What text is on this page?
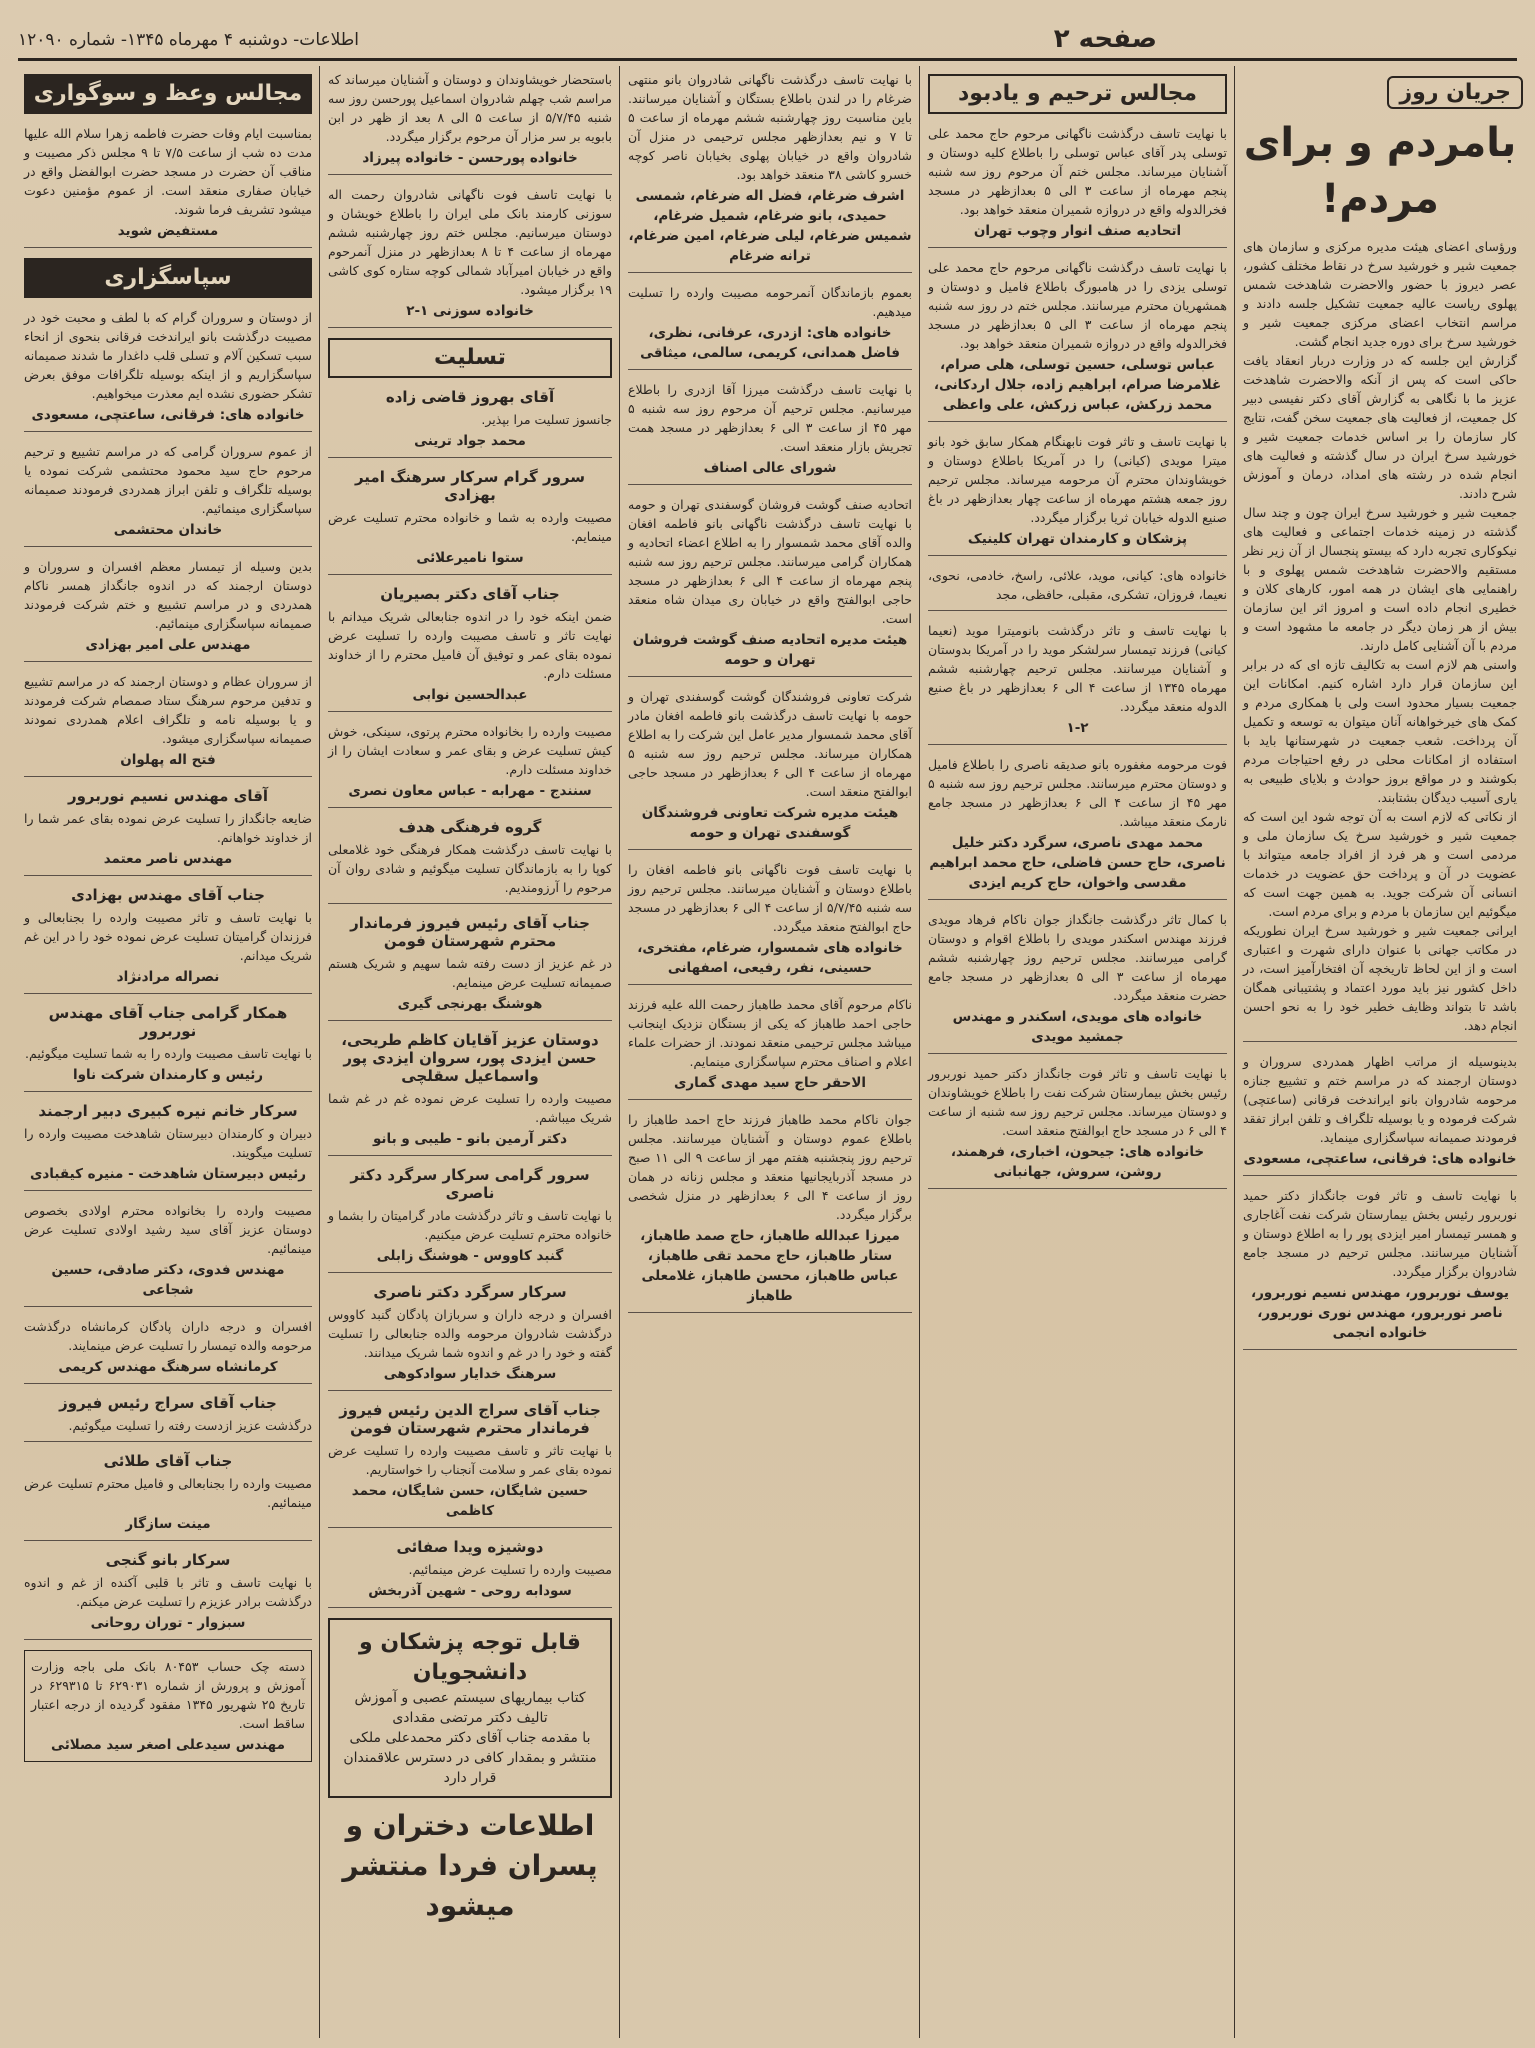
صفحه ۲
اطلاعات- دوشنبه ۴ مهرماه ۱۳۴۵- شماره ۱۲۰۹۰
جریان روز
بامردم و برای مردم!

ورؤسای اعضای هیئت مدیره مرکزی و سازمان های جمعیت شیر و خورشید سرخ در نقاط مختلف کشور، عصر دیروز با حضور والاحضرت شاهدخت شمس پهلوی ریاست عالیه جمعیت تشکیل جلسه دادند و مراسم انتخاب اعضای مرکزی جمعیت شیر و خورشید سرخ برای دوره جدید انجام گشت.

گزارش این جلسه که در وزارت دربار انعقاد یافت حاکی است که پس از آنکه والاحضرت شاهدخت عزیز ما با نگاهی به گزارش آقای دکتر نفیسی دبیر کل جمعیت، از فعالیت های جمعیت سخن گفت، نتایج کار سازمان را بر اساس خدمات جمعیت شیر و خورشید سرخ ایران در سال گذشته و فعالیت های انجام شده در رشته های امداد، درمان و آموزش شرح دادند.

جمعیت شیر و خورشید سرخ ایران چون و چند سال گذشته در زمینه خدمات اجتماعی و فعالیت های نیکوکاری تجربه دارد که بیستو پنجسال از آن زیر نظر مستقیم والاحضرت شاهدخت شمس پهلوی و با راهنمایی های ایشان در همه امور، کارهای کلان و خطیری انجام داده است و امروز اثر این سازمان بیش از هر زمان دیگر در جامعه ما مشهود است و مردم با آن آشنایی کامل دارند.

واسنی هم لازم است به تکالیف تازه ای که در برابر این سازمان قرار دارد اشاره کنیم. امکانات این جمعیت بسیار محدود است ولی با همکاری مردم و کمک های خیرخواهانه آنان میتوان به توسعه و تکمیل آن پرداخت. شعب جمعیت در شهرستانها باید با استفاده از امکانات محلی در رفع احتیاجات مردم بکوشند و در مواقع بروز حوادث و بلایای طبیعی به یاری آسیب دیدگان بشتابند.

از نکاتی که لازم است به آن توجه شود این است که جمعیت شیر و خورشید سرخ یک سازمان ملی و مردمی است و هر فرد از افراد جامعه میتواند با عضویت در آن و پرداخت حق عضویت در خدمات انسانی آن شرکت جوید. به همین جهت است که میگوئیم این سازمان با مردم و برای مردم است.

ایرانی جمعیت شیر و خورشید سرخ ایران نطوریکه در مکاتب جهانی با عنوان دارای شهرت و اعتباری است و از این لحاظ تاریخچه آن افتخارآمیز است، در داخل کشور نیز باید مورد اعتماد و پشتیبانی همگان باشد تا بتواند وظایف خطیر خود را به نحو احسن انجام دهد.

بدینوسیله از مراتب اظهار همدردی سروران و دوستان ارجمند که در مراسم ختم و تشییع جنازه مرحومه شادروان بانو ایراندخت فرقانی (ساعتچی) شرکت فرموده و یا بوسیله تلگراف و تلفن ابراز تفقد فرمودند صمیمانه سپاسگزاری مینماید.

خانواده های: فرقانی، ساعتچی، مسعودی

با نهایت تاسف و تاثر فوت جانگداز دکتر حمید نوربرور رئیس بخش بیمارستان شرکت نفت آغاجاری و همسر تیمسار امیر ایزدی پور را به اطلاع دوستان و آشنایان میرسانند. مجلس ترحیم در مسجد جامع شادروان برگزار میگردد.

یوسف نوربرور، مهندس نسیم نوربرور، ناصر نوربرور، مهندس نوری نوربرور، خانواده انجمی
مجالس ترحیم و یادبود

با نهایت تاسف درگذشت ناگهانی مرحوم حاج محمد علی توسلی پدر آقای عباس توسلی را باطلاع کلیه دوستان و آشنایان میرساند. مجلس ختم آن مرحوم روز سه شنبه پنجم مهرماه از ساعت ۳ الی ۵ بعدازظهر در مسجد فخرالدوله واقع در دروازه شمیران منعقد خواهد بود.

اتحادیه صنف انوار وچوب تهران

با نهایت تاسف درگذشت ناگهانی مرحوم حاج محمد علی توسلی یزدی را در هامبورگ باطلاع فامیل و دوستان و همشهریان محترم میرسانند. مجلس ختم در روز سه شنبه پنجم مهرماه از ساعت ۳ الی ۵ بعدازظهر در مسجد فخرالدوله واقع در دروازه شمیران منعقد خواهد بود.

عباس توسلی، حسین توسلی، هلی صرام، غلامرضا صرام، ابراهیم زاده، جلال اردکانی، محمد زرکش، عباس زرکش، علی واعظی

با نهایت تاسف و تاثر فوت نابهنگام همکار سابق خود بانو میترا مویدی (کیانی) را در آمریکا باطلاع دوستان و خویشاوندان محترم آن مرحومه میرساند. مجلس ترحیم روز جمعه هشتم مهرماه از ساعت چهار بعدازظهر در باغ صنیع الدوله خیابان ثریا برگزار میگردد.

پزشکان و کارمندان تهران کلینیک

خانواده های: کیانی، موید، علائی، راسخ، خادمی، نحوی، نعیما، فروزان، تشکری، مقبلی، حافظی، مجد

با نهایت تاسف و تاثر درگذشت بانومیترا موید (نعیما کیانی) فرزند تیمسار سرلشکر موید را در آمریکا بدوستان و آشنایان میرسانند. مجلس ترحیم چهارشنبه ششم مهرماه ۱۳۴۵ از ساعت ۴ الی ۶ بعدازظهر در باغ صنیع الدوله منعقد میگردد.

۱-۲

فوت مرحومه مغفوره بانو صدیقه ناصری را باطلاع فامیل و دوستان محترم میرسانند. مجلس ترحیم روز سه شنبه ۵ مهر ۴۵ از ساعت ۴ الی ۶ بعدازظهر در مسجد جامع نارمک منعقد میباشد.

محمد مهدی ناصری، سرگرد دکتر خلیل ناصری، حاج حسن فاضلی، حاج محمد ابراهیم مقدسی واخوان، حاج کریم ایزدی

با کمال تاثر درگذشت جانگداز جوان ناکام فرهاد مویدی فرزند مهندس اسکندر مویدی را باطلاع اقوام و دوستان گرامی میرسانند. مجلس ترحیم روز چهارشنبه ششم مهرماه از ساعت ۳ الی ۵ بعدازظهر در مسجد جامع حضرت منعقد میگردد.

خانواده های مویدی، اسکندر و مهندس جمشید مویدی

با نهایت تاسف و تاثر فوت جانگداز دکتر حمید نوربرور رئیس بخش بیمارستان شرکت نفت را باطلاع خویشاوندان و دوستان میرساند. مجلس ترحیم روز سه شنبه از ساعت ۴ الی ۶ در مسجد حاج ابوالفتح منعقد است.

خانواده های: جیحون، اخباری، فرهمند، روشن، سروش، جهانبانی

با نهایت تاسف درگذشت ناگهانی شادروان بانو منتهی ضرغام را در لندن باطلاع بستگان و آشنایان میرسانند. باین مناسبت روز چهارشنبه ششم مهرماه از ساعت ۵ تا ۷ و نیم بعدازظهر مجلس ترحیمی در منزل آن شادروان واقع در خیابان پهلوی بخیابان ناصر کوچه خسرو کاشی ۳۸ منعقد خواهد بود.

اشرف ضرغام، فضل اله ضرغام، شمسی حمیدی، بانو ضرغام، شمیل ضرغام، شمیس ضرغام، لیلی ضرغام، امین ضرغام، ترانه ضرغام

بعموم بازماندگان آنمرحومه مصیبت وارده را تسلیت میدهیم.

خانواده های: ازدری، عرفانی، نظری، فاضل همدانی، کریمی، سالمی، میثاقی

با نهایت تاسف درگذشت میرزا آقا ازدری را باطلاع میرسانیم. مجلس ترحیم آن مرحوم روز سه شنبه ۵ مهر ۴۵ از ساعت ۳ الی ۶ بعدازظهر در مسجد همت تجریش بازار منعقد است.

شورای عالی اصناف

اتحادیه صنف گوشت فروشان گوسفندی تهران و حومه با نهایت تاسف درگذشت ناگهانی بانو فاطمه افغان والده آقای محمد شمسوار را به اطلاع اعضاء اتحادیه و همکاران گرامی میرسانند. مجلس ترحیم روز سه شنبه پنجم مهرماه از ساعت ۴ الی ۶ بعدازظهر در مسجد حاجی ابوالفتح واقع در خیابان ری میدان شاه منعقد است.

هیئت مدیره اتحادیه صنف گوشت فروشان تهران و حومه

شرکت تعاونی فروشندگان گوشت گوسفندی تهران و حومه با نهایت تاسف درگذشت بانو فاطمه افغان مادر آقای محمد شمسوار مدیر عامل این شرکت را به اطلاع همکاران میرساند. مجلس ترحیم روز سه شنبه ۵ مهرماه از ساعت ۴ الی ۶ بعدازظهر در مسجد حاجی ابوالفتح منعقد است.

هیئت مدیره شرکت تعاونی فروشندگان گوسفندی تهران و حومه

با نهایت تاسف فوت ناگهانی بانو فاطمه افغان را باطلاع دوستان و آشنایان میرسانند. مجلس ترحیم روز سه شنبه ۵/۷/۴۵ از ساعت ۴ الی ۶ بعدازظهر در مسجد حاج ابوالفتح منعقد میگردد.

خانواده های شمسوار، ضرغام، مفتخری، حسینی، نفر، رفیعی، اصفهانی

ناکام مرحوم آقای محمد طاهباز رحمت الله علیه فرزند حاجی احمد طاهباز که یکی از بستگان نزدیک اینجانب میباشد مجلس ترحیمی منعقد نمودند. از حضرات علماء اعلام و اصناف محترم سپاسگزاری مینمایم.

الاحقر حاج سید مهدی گماری

جوان ناکام محمد طاهباز فرزند حاج احمد طاهباز را باطلاع عموم دوستان و آشنایان میرسانند. مجلس ترحیم روز پنجشنبه هفتم مهر از ساعت ۹ الی ۱۱ صبح در مسجد آذربایجانیها منعقد و مجلس زنانه در همان روز از ساعت ۴ الی ۶ بعدازظهر در منزل شخصی برگزار میگردد.

میرزا عبدالله طاهباز، حاج صمد طاهباز، ستار طاهباز، حاج محمد تقی طاهباز، عباس طاهباز، محسن طاهباز، غلامعلی طاهباز

باستحضار خویشاوندان و دوستان و آشنایان میرساند که مراسم شب چهلم شادروان اسماعیل پورحسن روز سه شنبه ۵/۷/۴۵ از ساعت ۵ الی ۸ بعد از ظهر در ابن بابویه بر سر مزار آن مرحوم برگزار میگردد.

خانواده پورحسن - خانواده پیرزاد

با نهایت تاسف فوت ناگهانی شادروان رحمت اله سوزنی کارمند بانک ملی ایران را باطلاع خویشان و دوستان میرسانیم. مجلس ختم روز چهارشنبه ششم مهرماه از ساعت ۴ تا ۸ بعدازظهر در منزل آنمرحوم واقع در خیابان امیرآباد شمالی کوچه ستاره کوی کاشی ۱۹ برگزار میشود.

خانواده سوزنی ۱-۲
تسلیت
آقای بهروز قاضی زاده

جانسوز تسلیت مرا بپذیر.

محمد جواد ترینی
سرور گرام سرکار سرهنگ امیر بهزادی

مصیبت وارده به شما و خانواده محترم تسلیت عرض مینمایم.

ستوا نامیرعلائی
جناب آقای دکتر بصیریان

ضمن اینکه خود را در اندوه جنابعالی شریک میدانم با نهایت تاثر و تاسف مصیبت وارده را تسلیت عرض نموده بقای عمر و توفیق آن فامیل محترم را از خداوند مسئلت دارم.

عبدالحسین نوابی

مصیبت وارده را بخانواده محترم پرتوی، سینکی، خوش کیش تسلیت عرض و بقای عمر و سعادت ایشان را از خداوند مسئلت دارم.

سنندج - مهرابه - عباس معاون نصری
گروه فرهنگی هدف

با نهایت تاسف درگذشت همکار فرهنگی خود غلامعلی کوپا را به بازماندگان تسلیت میگوئیم و شادی روان آن مرحوم را آرزومندیم.

جناب آقای رئیس فیروز فرماندار محترم شهرستان فومن

در غم عزیز از دست رفته شما سهیم و شریک هستم صمیمانه تسلیت عرض مینمایم.

هوشنگ بهرنجی گیری
دوستان عزیز آقایان کاظم طریحی، حسن ایزدی پور، سروان ایزدی پور واسماعیل سقلچی

مصیبت وارده را تسلیت عرض نموده غم در غم شما شریک میباشم.

دکتر آرمین بانو - طیبی و بانو
سرور گرامی سرکار سرگرد دکتر ناصری

با نهایت تاسف و تاثر درگذشت مادر گرامیتان را بشما و خانواده محترم تسلیت عرض میکنیم.

گنبد کاووس - هوشنگ زابلی
سرکار سرگرد دکتر ناصری

افسران و درجه داران و سربازان پادگان گنبد کاووس درگذشت شادروان مرحومه والده جنابعالی را تسلیت گفته و خود را در غم و اندوه شما شریک میدانند.

سرهنگ خدایار سوادکوهی
جناب آقای سراج الدین رئیس فیروز فرماندار محترم شهرستان فومن

با نهایت تاثر و تاسف مصیبت وارده را تسلیت عرض نموده بقای عمر و سلامت آنجناب را خواستاریم.

حسین شایگان، حسن شایگان، محمد کاظمی
دوشیزه ویدا صفائی

مصیبت وارده را تسلیت عرض مینمائیم.

سودابه روحی - شهین آذربخش
قابل توجه پزشکان و دانشجویان
کتاب بیماریهای سیستم عصبی و آموزش تالیف دکتر مرتضی مقدادی
با مقدمه جناب آقای دکتر محمدعلی ملکی منتشر و بمقدار کافی در دسترس علاقمندان قرار دارد
اطلاعات دختران و پسران فردا منتشر میشود
مجالس وعظ و سوگواری

بمناسبت ایام وفات حضرت فاطمه زهرا سلام الله علیها مدت ده شب از ساعت ۷/۵ تا ۹ مجلس ذکر مصیبت و مناقب آن حضرت در مسجد حضرت ابوالفضل واقع در خیابان صفاری منعقد است. از عموم مؤمنین دعوت میشود تشریف فرما شوند.

مستفیض شوید
سپاسگزاری

از دوستان و سروران گرام که با لطف و محبت خود در مصیبت درگذشت بانو ایراندخت فرقانی بنحوی از انحاء سبب تسکین آلام و تسلی قلب داغدار ما شدند صمیمانه سپاسگزاریم و از اینکه بوسیله تلگرافات موفق بعرض تشکر حضوری نشده ایم معذرت میخواهیم.

خانواده های: فرقانی، ساعتچی، مسعودی

از عموم سروران گرامی که در مراسم تشییع و ترحیم مرحوم حاج سید محمود محتشمی شرکت نموده یا بوسیله تلگراف و تلفن ابراز همدردی فرمودند صمیمانه سپاسگزاری مینمائیم.

خاندان محتشمی

بدین وسیله از تیمسار معظم افسران و سروران و دوستان ارجمند که در اندوه جانگداز همسر ناکام همدردی و در مراسم تشییع و ختم شرکت فرمودند صمیمانه سپاسگزاری مینمائیم.

مهندس علی امیر بهزادی

از سروران عظام و دوستان ارجمند که در مراسم تشییع و تدفین مرحوم سرهنگ ستاد صمصام شرکت فرمودند و یا بوسیله نامه و تلگراف اعلام همدردی نمودند صمیمانه سپاسگزاری میشود.

فتح اله پهلوان
آقای مهندس نسیم نوربرور

ضایعه جانگداز را تسلیت عرض نموده بقای عمر شما را از خداوند خواهانم.

مهندس ناصر معتمد
جناب آقای مهندس بهزادی

با نهایت تاسف و تاثر مصیبت وارده را بجنابعالی و فرزندان گرامیتان تسلیت عرض نموده خود را در این غم شریک میدانم.

نصراله مرادنژاد
همکار گرامی جناب آقای مهندس نوربرور

با نهایت تاسف مصیبت وارده را به شما تسلیت میگوئیم.

رئیس و کارمندان شرکت ناوا
سرکار خانم نیره کبیری دبیر ارجمند

دبیران و کارمندان دبیرستان شاهدخت مصیبت وارده را تسلیت میگویند.

رئیس دبیرستان شاهدخت - منیره کیقبادی

مصیبت وارده را بخانواده محترم اولادی بخصوص دوستان عزیز آقای سید رشید اولادی تسلیت عرض مینمائیم.

مهندس فدوی، دکتر صادقی، حسین شجاعی

افسران و درجه داران پادگان کرمانشاه درگذشت مرحومه والده تیمسار را تسلیت عرض مینمایند.

کرمانشاه سرهنگ مهندس کریمی
جناب آقای سراج رئیس فیروز

درگذشت عزیز ازدست رفته را تسلیت میگوئیم.

جناب آقای طلائی

مصیبت وارده را بجنابعالی و فامیل محترم تسلیت عرض مینمائیم.

مینت سازگار
سرکار بانو گنجی

با نهایت تاسف و تاثر با قلبی آکنده از غم و اندوه درگذشت برادر عزیزم را تسلیت عرض میکنم.

سبزوار - توران روحانی

دسته چک حساب ۸۰۴۵۳ بانک ملی باجه وزارت آموزش و پرورش از شماره ۶۲۹۰۳۱ تا ۶۲۹۳۱۵ در تاریخ ۲۵ شهریور ۱۳۴۵ مفقود گردیده از درجه اعتبار ساقط است.

مهندس سیدعلی اصغر سید مصلائی
